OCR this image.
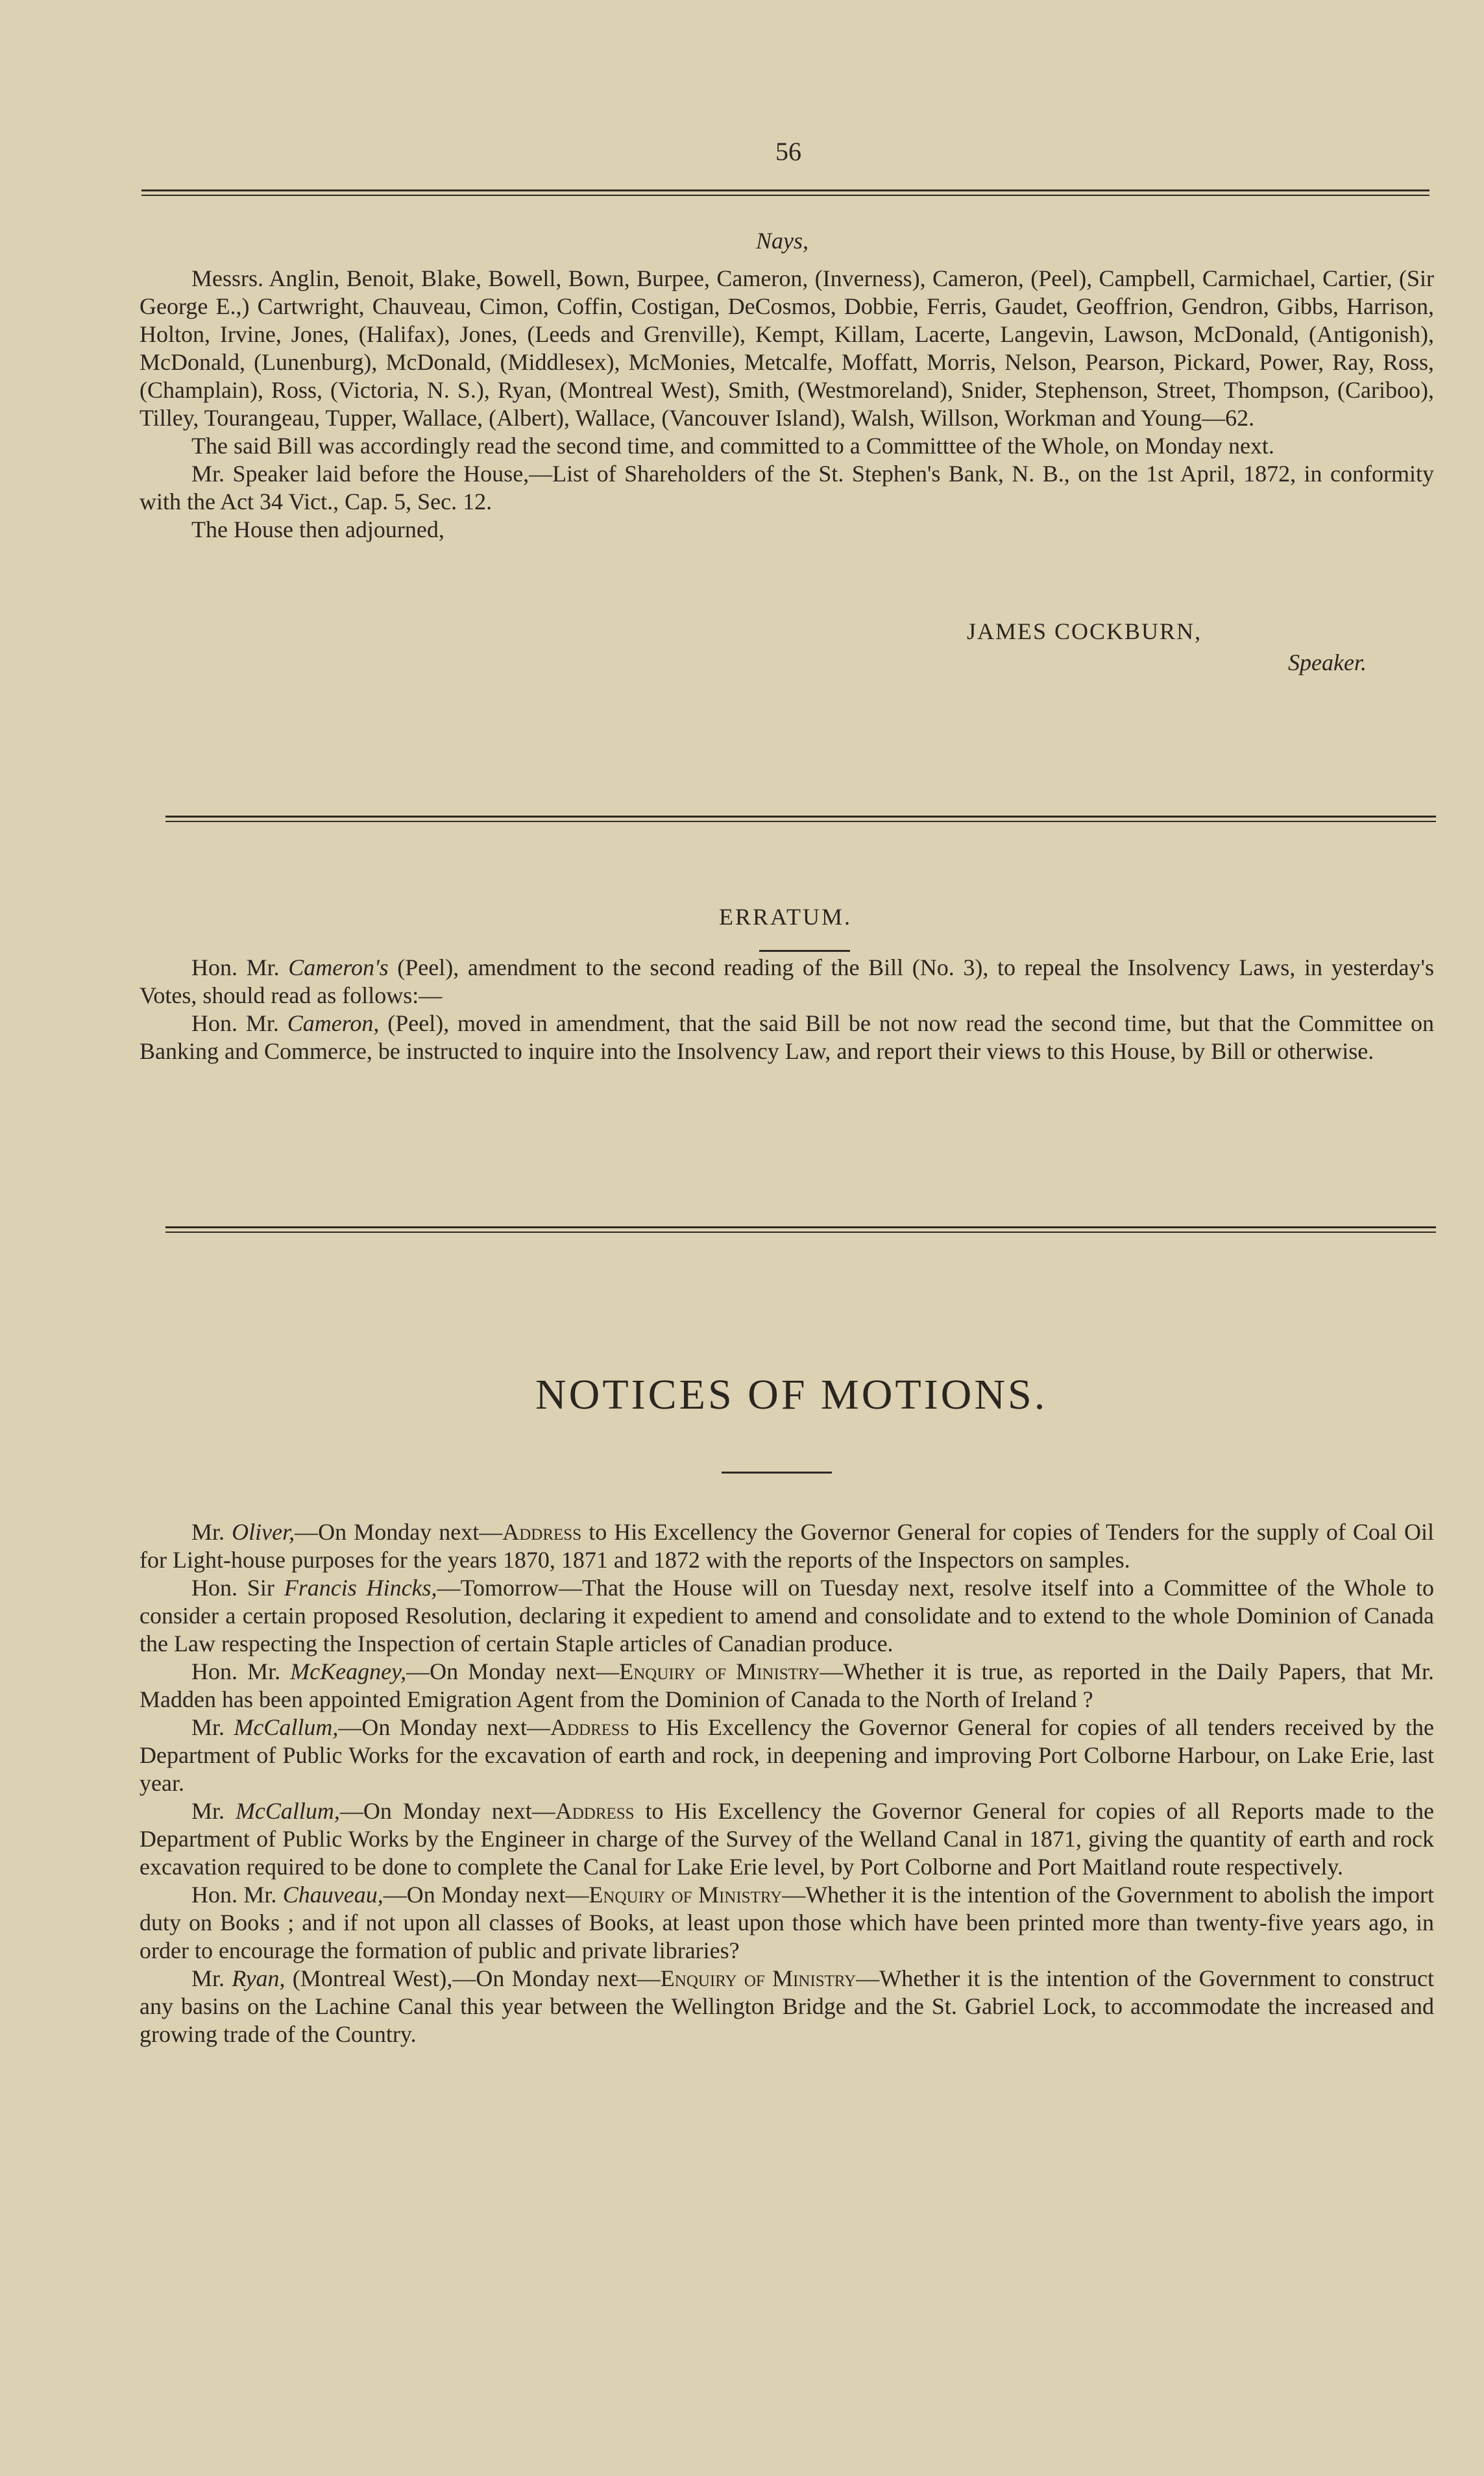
56
Nays,

Messrs. Anglin, Benoit, Blake, Bowell, Bown, Burpee, Cameron, (Inverness), Cameron, (Peel), Campbell, Carmichael, Cartier, (Sir George E.,) Cartwright, Chauveau, Cimon, Coffin, Costigan, DeCosmos, Dobbie, Ferris, Gaudet, Geoffrion, Gendron, Gibbs, Harrison, Holton, Irvine, Jones, (Halifax), Jones, (Leeds and Grenville), Kempt, Killam, Lacerte, Langevin, Lawson, McDonald, (Antigonish), McDonald, (Lunenburg), McDonald, (Middlesex), McMonies, Metcalfe, Moffatt, Morris, Nelson, Pearson, Pickard, Power, Ray, Ross, (Champlain), Ross, (Victoria, N. S.), Ryan, (Montreal West), Smith, (Westmoreland), Snider, Stephenson, Street, Thompson, (Cariboo), Tilley, Tourangeau, Tupper, Wallace, (Albert), Wallace, (Vancouver Island), Walsh, Willson, Workman and Young—62.

The said Bill was accordingly read the second time, and committed to a Committtee of the Whole, on Monday next.

Mr. Speaker laid before the House,—List of Shareholders of the St. Stephen's Bank, N. B., on the 1st April, 1872, in conformity with the Act 34 Vict., Cap. 5, Sec. 12.

The House then adjourned,

JAMES COCKBURN,
Speaker.
ERRATUM.

Hon. Mr. Cameron's (Peel), amendment to the second reading of the Bill (No. 3), to repeal the Insolvency Laws, in yesterday's Votes, should read as follows:—

Hon. Mr. Cameron, (Peel), moved in amendment, that the said Bill be not now read the second time, but that the Committee on Banking and Commerce, be instructed to inquire into the Insolvency Law, and report their views to this House, by Bill or otherwise.

NOTICES OF MOTIONS.

Mr. Oliver,—On Monday next—Address to His Excellency the Governor General for copies of Tenders for the supply of Coal Oil for Light-house purposes for the years 1870, 1871 and 1872 with the reports of the Inspectors on samples.

Hon. Sir Francis Hincks,—Tomorrow—That the House will on Tuesday next, resolve itself into a Committee of the Whole to consider a certain proposed Resolution, declaring it expedient to amend and consolidate and to extend to the whole Dominion of Canada the Law respecting the Inspection of certain Staple articles of Canadian produce.

Hon. Mr. McKeagney,—On Monday next—Enquiry of Ministry—Whether it is true, as reported in the Daily Papers, that Mr. Madden has been appointed Emigration Agent from the Dominion of Canada to the North of Ireland ?

Mr. McCallum,—On Monday next—Address to His Excellency the Governor General for copies of all tenders received by the Department of Public Works for the excavation of earth and rock, in deepening and improving Port Colborne Harbour, on Lake Erie, last year.

Mr. McCallum,—On Monday next—Address to His Excellency the Governor General for copies of all Reports made to the Department of Public Works by the Engineer in charge of the Survey of the Welland Canal in 1871, giving the quantity of earth and rock excavation required to be done to complete the Canal for Lake Erie level, by Port Colborne and Port Maitland route respectively.

Hon. Mr. Chauveau,—On Monday next—Enquiry of Ministry—Whether it is the intention of the Government to abolish the import duty on Books ; and if not upon all classes of Books, at least upon those which have been printed more than twenty-five years ago, in order to encourage the formation of public and private libraries?

Mr. Ryan, (Montreal West),—On Monday next—Enquiry of Ministry—Whether it is the intention of the Government to construct any basins on the Lachine Canal this year between the Wellington Bridge and the St. Gabriel Lock, to accommodate the increased and growing trade of the Country.
